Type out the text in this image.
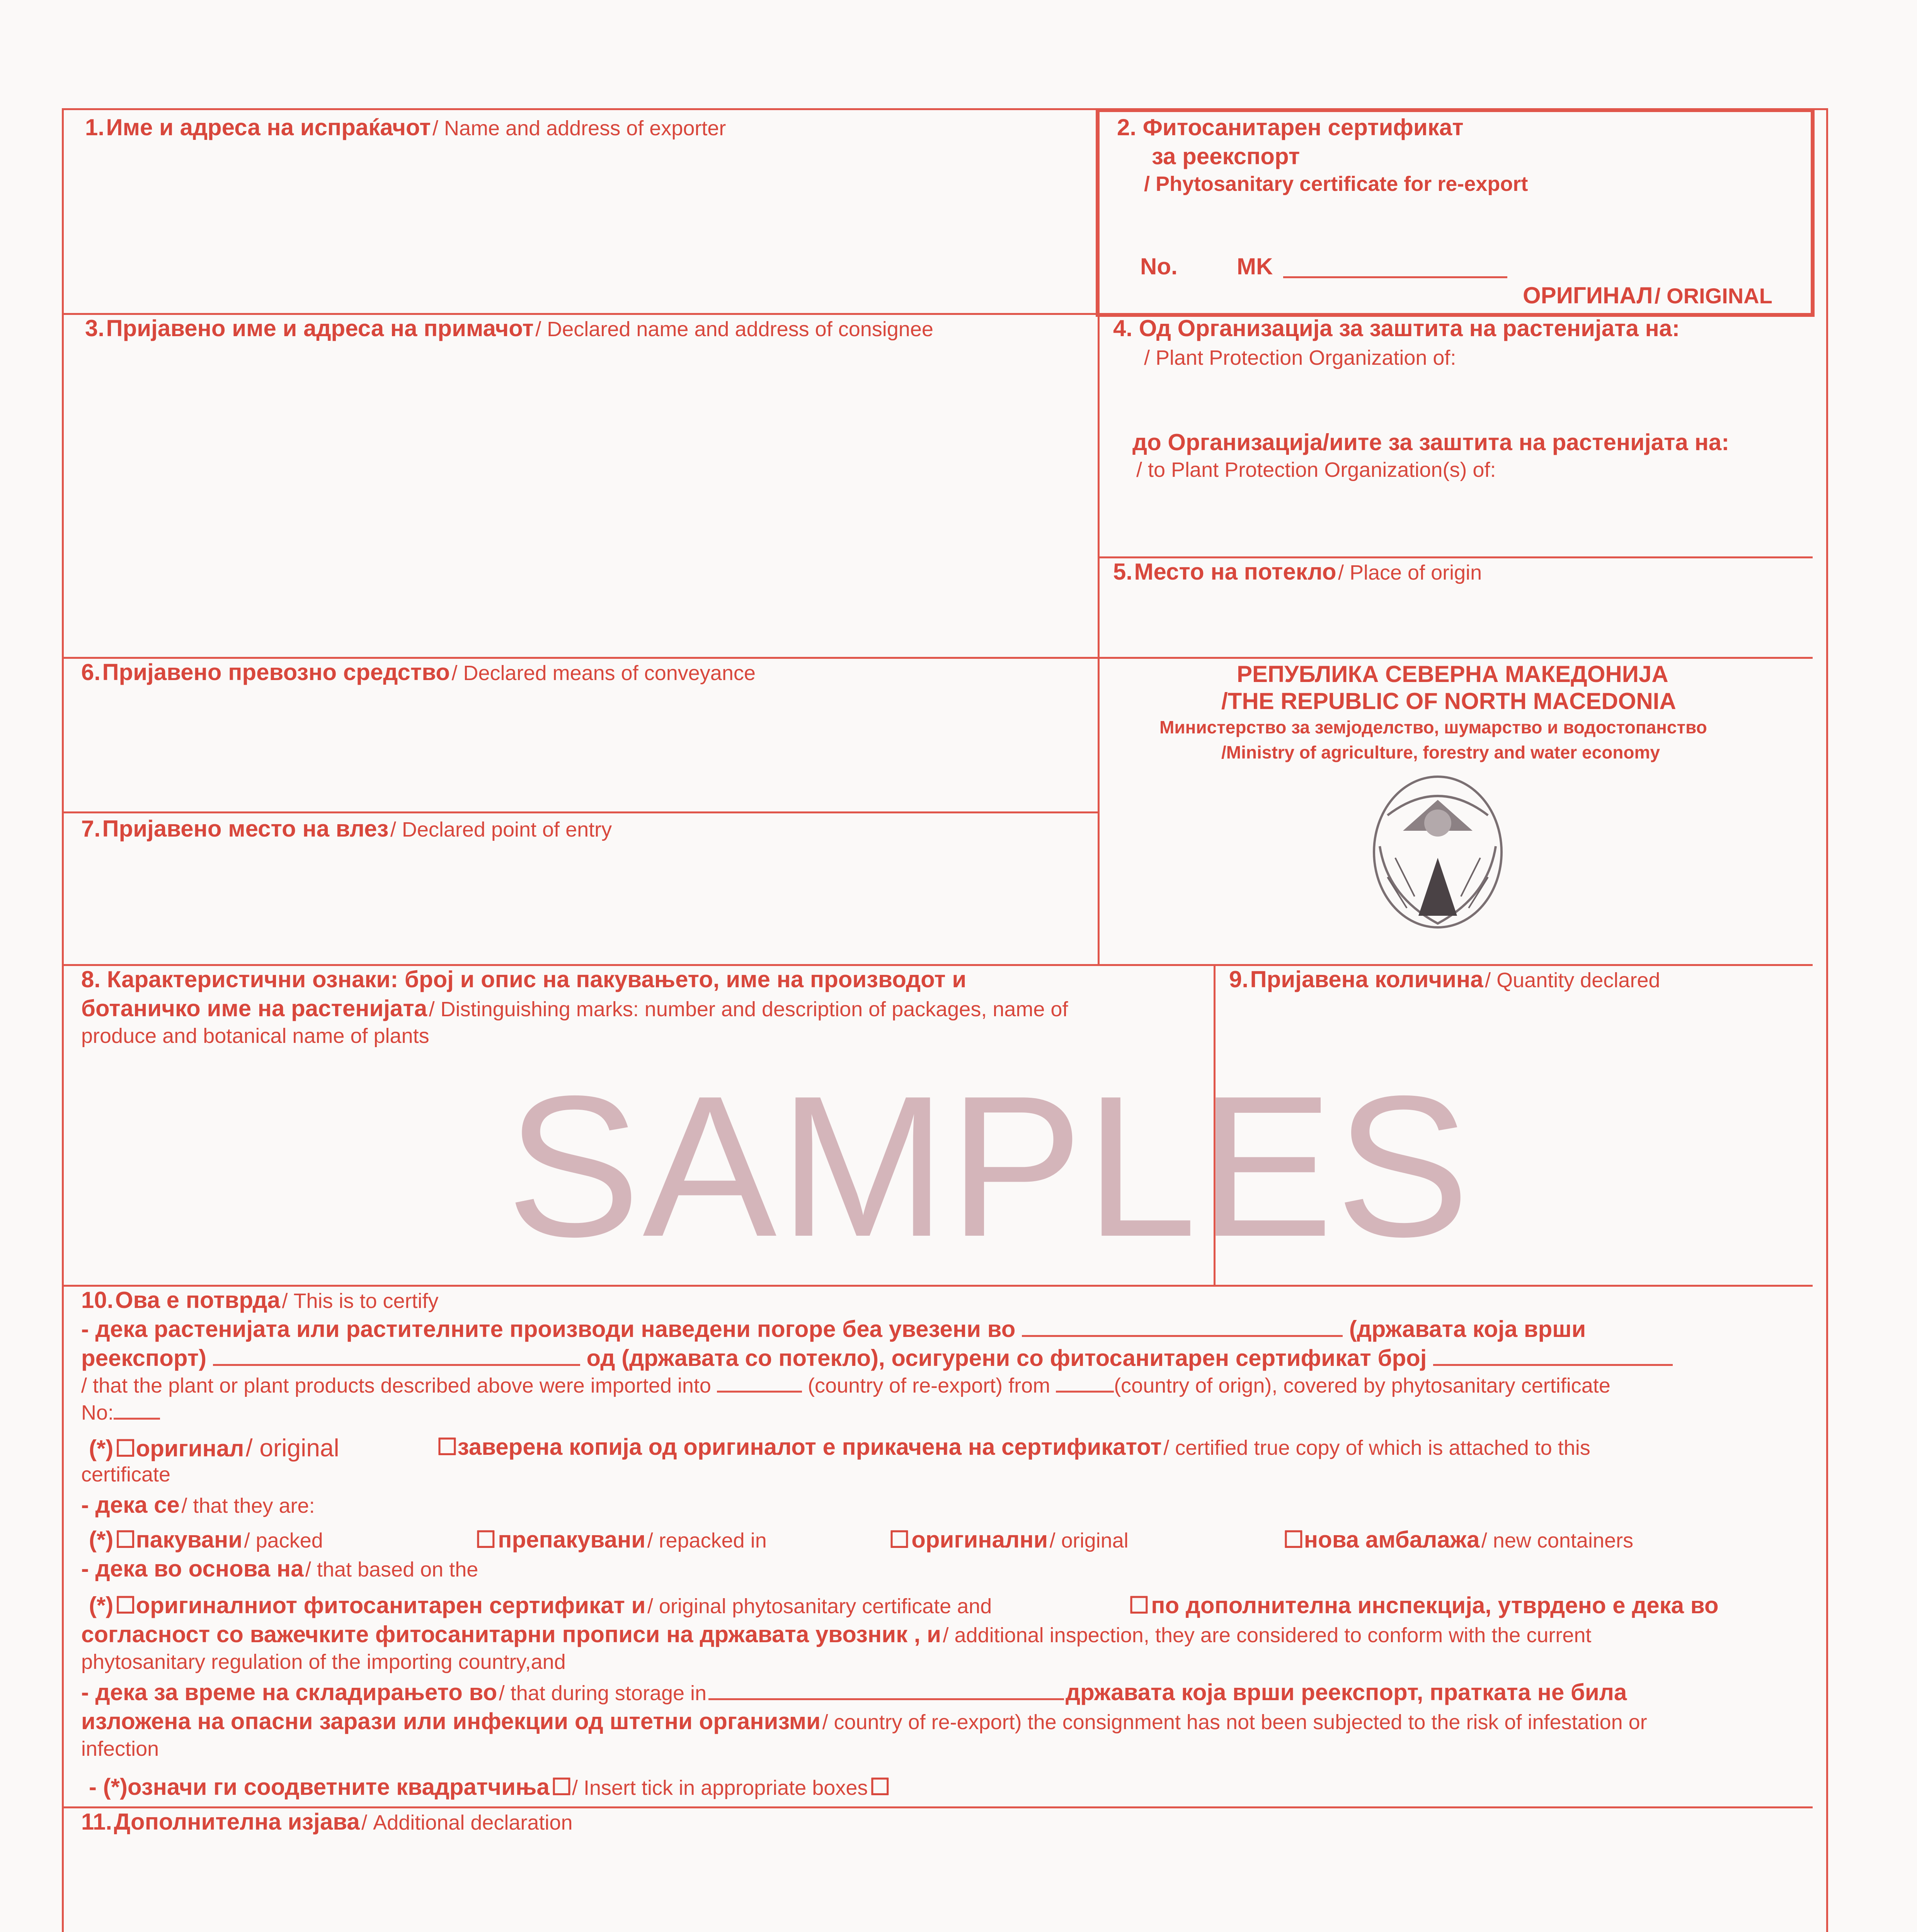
1. Име и адреса на испраќачот / Name and address of exporter	2. Фитосанитарен сертификат
за реекспорт
/ Phytosanitary certificate for re-export
No.	MK
ОРИГИНАЛ / ORIGINAL
3. Пријавено име и адреса на примачот / Declared name and address of consignee	4. Од Организација за заштита на растенијата на:
/ Plant Protection Organization of:
до Организација/иите за заштита на растенијата на:
/ to Plant Protection Organization(s) of:
5. Место на потекло / Place of origin
РЕПУБЛИКА СЕВЕРНА МАКЕДОНИЈА
/THE REPUBLIC OF NORTH MACEDONIA
Министерство за земјоделство, шумарство и водостопанство
/Ministry of agriculture, forestry and water economy
6. Пријавено превозно средство / Declared means of conveyance
7. Пријавено место на влез / Declared point of entry
8. Карактеристични ознаки: број и опис на пакувањето, име на производот и
ботаничко име на растенијата / Distinguishing marks: number and description of packages, name of
produce and botanical name of plants
9. Пријавена количина / Quantity declared
10. Ова е потврда / This is to certify
- дека растенијата или растителните производи наведени погоре беа увезени во	(државата која врши
реекспорт)	од (државата со потекло), осигурени со фитосанитарен сертификат број
/ that the plant or plant products described above were imported into	(country of re-export) from	(country of orign), covered by phytosanitary certificate
No:
(*) ☐оригинал / original	☐заверена копија од оригиналот е прикачена на сертификатот / certified true copy of which is attached to this
certificate
- дека се / that they are:
(*) ☐пакувани / packed	☐ препакувани / repacked in	☐ оригинални / original	☐нова амбалажа / new containers
- дека во основа на / that based on the
(*) ☐оригиналниот фитосанитарен сертификат и / original phytosanitary certificate and	☐ по дополнителна инспекција, утврдено е дека во
согласност со важечките фитосанитарни прописи на државата увозник , и / additional inspection, they are considered to conform with the current
phytosanitary regulation of the importing country,and
- дека за време на складирањето во / that during storage in	државата која врши реекспорт, пратката не била
изложена на опасни зарази или инфекции од штетни организми / country of re-export) the consignment has not been subjected to the risk of infestation or
infection
- (*)означи ги соодветните квадратчиња ☐/ Insert tick in appropriate boxes ☐
11. Дополнителна изјава / Additional declaration
SAMPLES
